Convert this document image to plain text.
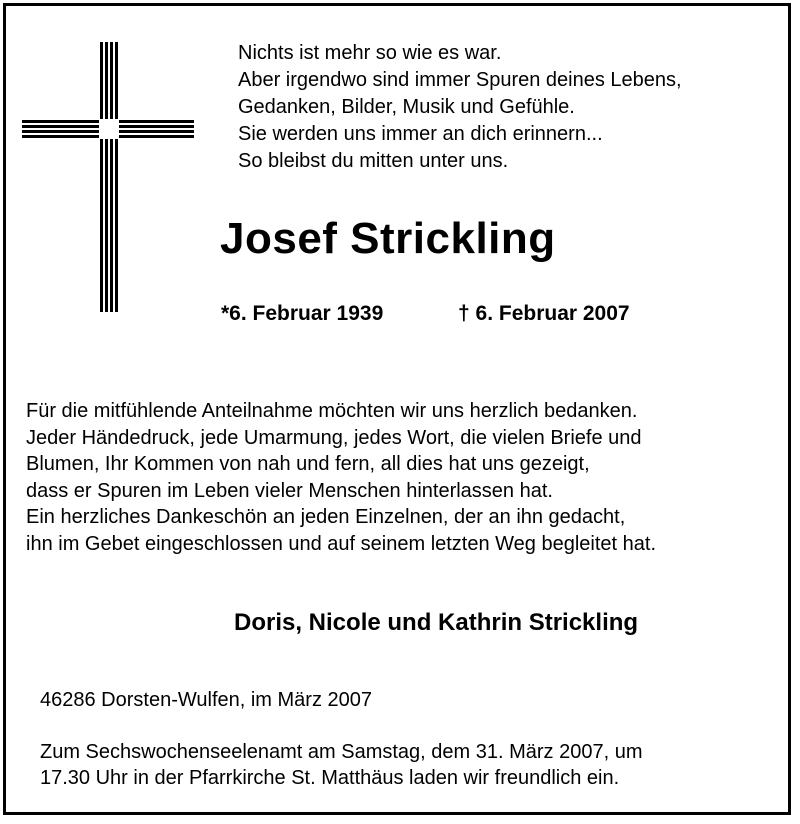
Nichts ist mehr so wie es war.
Aber irgendwo sind immer Spuren deines Lebens,
Gedanken, Bilder, Musik und Gefühle.
Sie werden uns immer an dich erinnern...
So bleibst du mitten unter uns.
Josef Strickling
*6. Februar 1939	† 6. Februar 2007
Für die mitfühlende Anteilnahme möchten wir uns herzlich bedanken.
Jeder Händedruck, jede Umarmung, jedes Wort, die vielen Briefe und
Blumen, Ihr Kommen von nah und fern, all dies hat uns gezeigt,
dass er Spuren im Leben vieler Menschen hinterlassen hat.
Ein herzliches Dankeschön an jeden Einzelnen, der an ihn gedacht,
ihn im Gebet eingeschlossen und auf seinem letzten Weg begleitet hat.
Doris, Nicole und Kathrin Strickling
46286 Dorsten-Wulfen, im März 2007
Zum Sechswochenseelenamt am Samstag, dem 31. März 2007, um
17.30 Uhr in der Pfarrkirche St. Matthäus laden wir freundlich ein.
